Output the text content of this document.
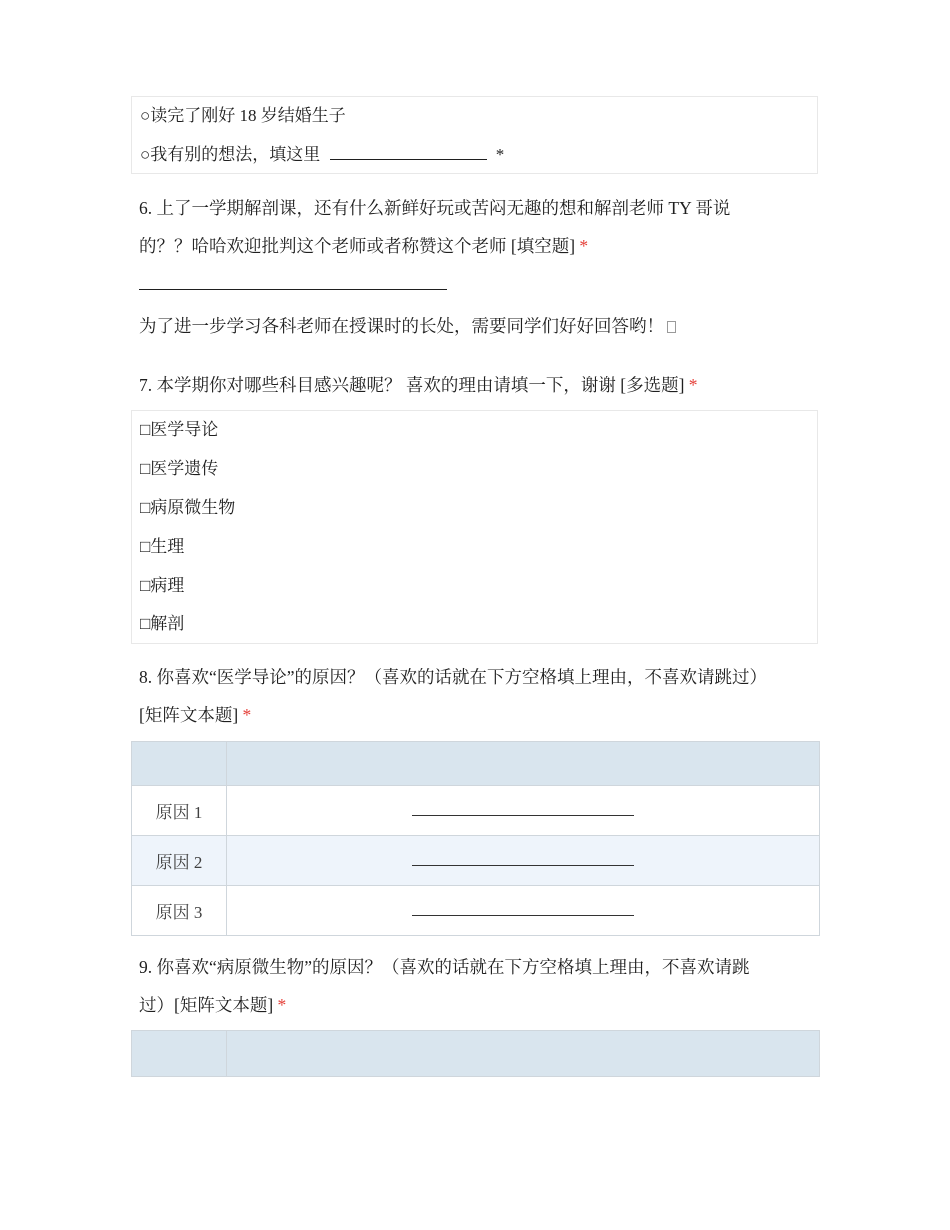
○读完了刚好 18 岁结婚生子
○我有别的想法，填这里	*
6. 上了一学期解剖课，还有什么新鲜好玩或苦闷无趣的想和解剖老师 TY 哥说
的？？哈哈欢迎批判这个老师或者称赞这个老师 [填空题] *
为了进一步学习各科老师在授课时的长处，需要同学们好好回答哟！
7. 本学期你对哪些科目感兴趣呢？ 喜欢的理由请填一下，谢谢 [多选题] *
□医学导论
□医学遗传
□病原微生物
□生理
□病理
□解剖
8. 你喜欢“医学导论”的原因？（喜欢的话就在下方空格填上理由，不喜欢请跳过）
[矩阵文本题] *

原因 1	
原因 2	
原因 3	
9. 你喜欢“病原微生物”的原因？（喜欢的话就在下方空格填上理由，不喜欢请跳
过）[矩阵文本题] *
